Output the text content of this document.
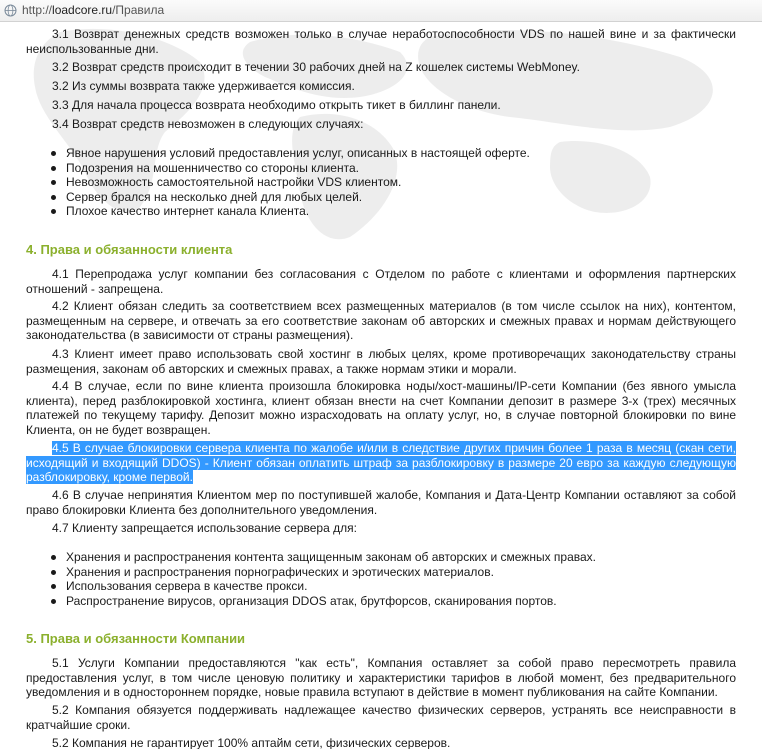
http://loadcore.ru/Правила

3.1 Возврат денежных средств возможен только в случае неработоспособности VDS по нашей вине и за фактически неиспользованные дни.

3.2 Возврат средств происходит в течении 30 рабочих дней на Z кошелек системы WebMoney.

3.2 Из суммы возврата также удерживается комиссия.

3.3 Для начала процесса возврата необходимо открыть тикет в биллинг панели.

3.4 Возврат средств невозможен в следующих случаях:

Явное нарушения условий предоставления услуг, описанных в настоящей оферте.
Подозрения на мошенничество со стороны клиента.
Невозможность самостоятельной настройки VDS клиентом.
Сервер брался на несколько дней для любых целей.
Плохое качество интернет канала Клиента.
4. Права и обязанности клиента

4.1 Перепродажа услуг компании без согласования с Отделом по работе с клиентами и оформления партнерских отношений - запрещена.

4.2 Клиент обязан следить за соответствием всех размещенных материалов (в том числе ссылок на них), контентом, размещенным на сервере, и отвечать за его соответствие законам об авторских и смежных правах и нормам действующего законодательства (в зависимости от страны размещения).

4.3 Клиент имеет право использовать свой хостинг в любых целях, кроме противоречащих законодательству страны размещения, законам об авторских и смежных правах, а также нормам этики и морали.

4.4 В случае, если по вине клиента произошла блокировка ноды/хост-машины/IP-сети Компании (без явного умысла клиента), перед разблокировкой хостинга, клиент обязан внести на счет Компании депозит в размере 3-х (трех) месячных платежей по текущему тарифу. Депозит можно израсходовать на оплату услуг, но, в случае повторной блокировки по вине Клиента, он не будет возвращен.

4.5 В случае блокировки сервера клиента по жалобе и/или в следствие других причин более 1 раза в месяц (скан сети, исходящий и входящий DDOS) - Клиент обязан оплатить штраф за разблокировку в размере 20 евро за каждую следующую разблокировку, кроме первой.

4.6 В случае непринятия Клиентом мер по поступившей жалобе, Компания и Дата-Центр Компании оставляют за собой право блокировки Клиента без дополнительного уведомления.

4.7 Клиенту запрещается использование сервера для:

Хранения и распространения контента защищенным законам об авторских и смежных правах.
Хранения и распространения порнографических и эротических материалов.
Использования сервера в качестве прокси.
Распространение вирусов, организация DDOS атак, брутфорсов, сканирования портов.
5. Права и обязанности Компании

5.1 Услуги Компании предоставляются "как есть", Компания оставляет за собой право пересмотреть правила предоставления услуг, в том числе ценовую политику и характеристики тарифов в любой момент, без предварительного уведомления и в одностороннем порядке, новые правила вступают в действие в момент публикования на сайте Компании.

5.2 Компания обязуется поддерживать надлежащее качество физических серверов, устранять все неисправности в кратчайшие сроки.

5.2 Компания не гарантирует 100% аптайм сети, физических серверов.
